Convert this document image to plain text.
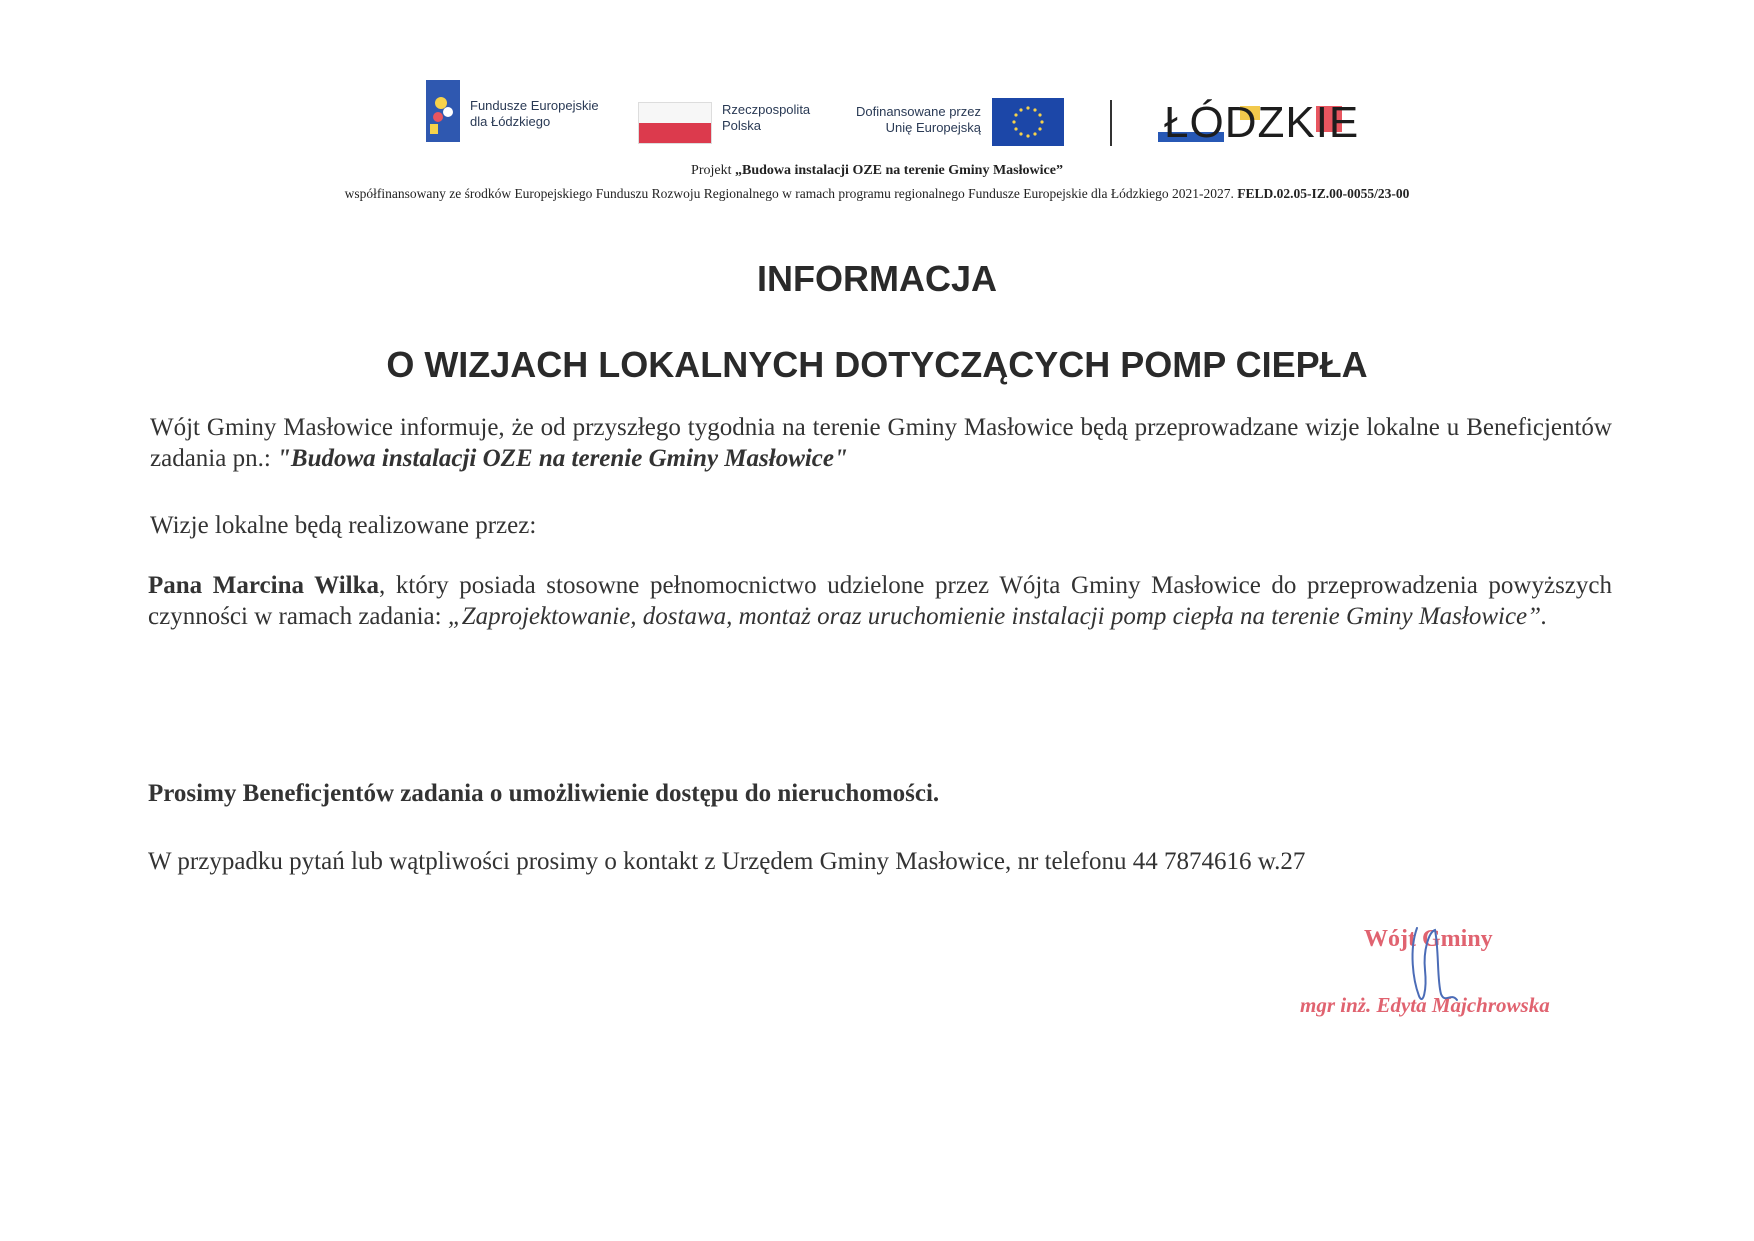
Fundusze Europejskie
dla Łódzkiego
Rzeczpospolita
Polska
Dofinansowane przez
Unię Europejską	ŁÓDZKIE
Projekt „Budowa instalacji OZE na terenie Gminy Masłowice”
współfinansowany ze środków Europejskiego Funduszu Rozwoju Regionalnego w ramach programu regionalnego Fundusze Europejskie dla Łódzkiego 2021-2027. FELD.02.05-IZ.00-0055/23-00
INFORMACJA
O WIZJACH LOKALNYCH DOTYCZĄCYCH POMP CIEPŁA
Wójt Gminy Masłowice informuje, że od przyszłego tygodnia na terenie Gminy Masłowice będą przeprowadzane wizje lokalne u Beneficjentów zadania pn.: "Budowa instalacji OZE na terenie Gminy Masłowice"
Wizje lokalne będą realizowane przez:
Pana Marcina Wilka, który posiada stosowne pełnomocnictwo udzielone przez Wójta Gminy Masłowice do przeprowadzenia powyższych czynności w ramach zadania: „Zaprojektowanie, dostawa, montaż oraz uruchomienie instalacji pomp ciepła na terenie Gminy Masłowice”.
Prosimy Beneficjentów zadania o umożliwienie dostępu do nieruchomości.
W przypadku pytań lub wątpliwości prosimy o kontakt z Urzędem Gminy Masłowice, nr telefonu 44 7874616 w.27
Wójt Gminy
mgr inż. Edyta Majchrowska
